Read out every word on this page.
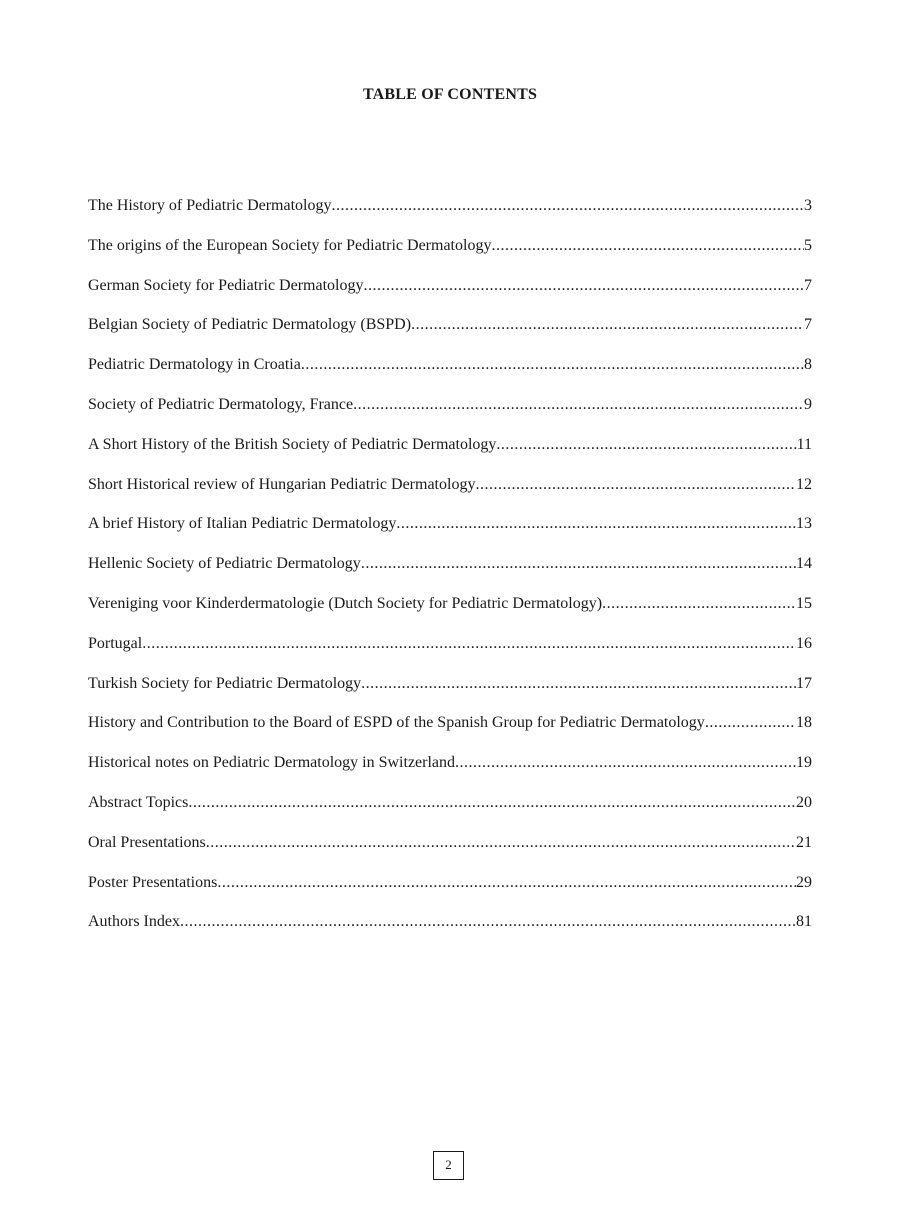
TABLE OF CONTENTS
The History of Pediatric Dermatology .....	3
The origins of the European Society for Pediatric Dermatology .....	5
German Society for Pediatric Dermatology .....	7
Belgian Society of Pediatric Dermatology (BSPD) .....	7
Pediatric Dermatology in Croatia .....	8
Society of Pediatric Dermatology, France .....	9
A Short History of the British Society of Pediatric Dermatology .....	11
Short Historical review of Hungarian Pediatric Dermatology .....	12
A brief History of Italian Pediatric Dermatology .....	13
Hellenic Society of Pediatric Dermatology .....	14
Vereniging voor Kinderdermatologie (Dutch Society for Pediatric Dermatology) .....	15
Portugal .....	16
Turkish Society for Pediatric Dermatology .....	17
History and Contribution to the Board of ESPD of the Spanish Group for Pediatric Dermatology .....	18
Historical notes on Pediatric Dermatology in Switzerland .....	19
Abstract Topics .....	20
Oral Presentations .....	21
Poster Presentations .....	29
Authors Index .....	81
2
